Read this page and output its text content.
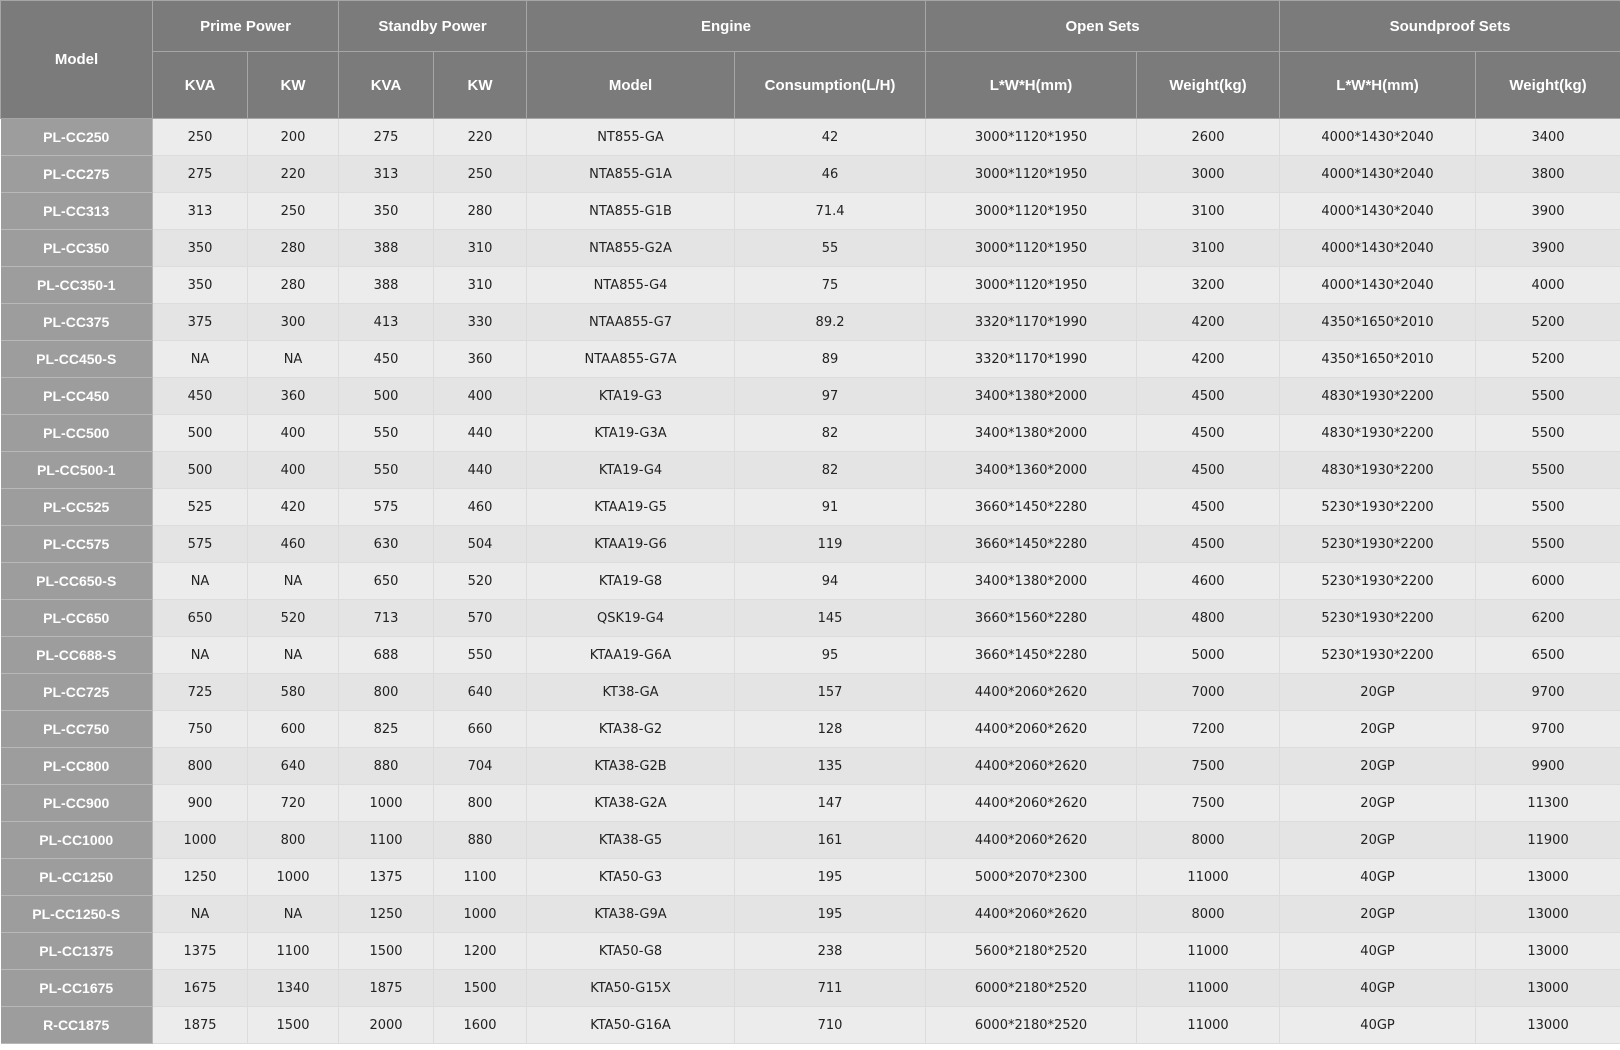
Model	Prime Power		Standby Power		Engine		Open Sets		Soundproof Sets	
	KVA	KW	KVA	KW	Model	Consumption(L/H)	L*W*H(mm)	Weight(kg)	L*W*H(mm)	Weight(kg)
PL-CC250	250	200	275	220	NT855-GA	42	3000*1120*1950	2600	4000*1430*2040	3400
PL-CC275	275	220	313	250	NTA855-G1A	46	3000*1120*1950	3000	4000*1430*2040	3800
PL-CC313	313	250	350	280	NTA855-G1B	71.4	3000*1120*1950	3100	4000*1430*2040	3900
PL-CC350	350	280	388	310	NTA855-G2A	55	3000*1120*1950	3100	4000*1430*2040	3900
PL-CC350-1	350	280	388	310	NTA855-G4	75	3000*1120*1950	3200	4000*1430*2040	4000
PL-CC375	375	300	413	330	NTAA855-G7	89.2	3320*1170*1990	4200	4350*1650*2010	5200
PL-CC450-S	NA	NA	450	360	NTAA855-G7A	89	3320*1170*1990	4200	4350*1650*2010	5200
PL-CC450	450	360	500	400	KTA19-G3	97	3400*1380*2000	4500	4830*1930*2200	5500
PL-CC500	500	400	550	440	KTA19-G3A	82	3400*1380*2000	4500	4830*1930*2200	5500
PL-CC500-1	500	400	550	440	KTA19-G4	82	3400*1360*2000	4500	4830*1930*2200	5500
PL-CC525	525	420	575	460	KTAA19-G5	91	3660*1450*2280	4500	5230*1930*2200	5500
PL-CC575	575	460	630	504	KTAA19-G6	119	3660*1450*2280	4500	5230*1930*2200	5500
PL-CC650-S	NA	NA	650	520	KTA19-G8	94	3400*1380*2000	4600	5230*1930*2200	6000
PL-CC650	650	520	713	570	QSK19-G4	145	3660*1560*2280	4800	5230*1930*2200	6200
PL-CC688-S	NA	NA	688	550	KTAA19-G6A	95	3660*1450*2280	5000	5230*1930*2200	6500
PL-CC725	725	580	800	640	KT38-GA	157	4400*2060*2620	7000	20GP	9700
PL-CC750	750	600	825	660	KTA38-G2	128	4400*2060*2620	7200	20GP	9700
PL-CC800	800	640	880	704	KTA38-G2B	135	4400*2060*2620	7500	20GP	9900
PL-CC900	900	720	1000	800	KTA38-G2A	147	4400*2060*2620	7500	20GP	11300
PL-CC1000	1000	800	1100	880	KTA38-G5	161	4400*2060*2620	8000	20GP	11900
PL-CC1250	1250	1000	1375	1100	KTA50-G3	195	5000*2070*2300	11000	40GP	13000
PL-CC1250-S	NA	NA	1250	1000	KTA38-G9A	195	4400*2060*2620	8000	20GP	13000
PL-CC1375	1375	1100	1500	1200	KTA50-G8	238	5600*2180*2520	11000	40GP	13000
PL-CC1675	1675	1340	1875	1500	KTA50-G15X	711	6000*2180*2520	11000	40GP	13000
R-CC1875	1875	1500	2000	1600	KTA50-G16A	710	6000*2180*2520	11000	40GP	13000
